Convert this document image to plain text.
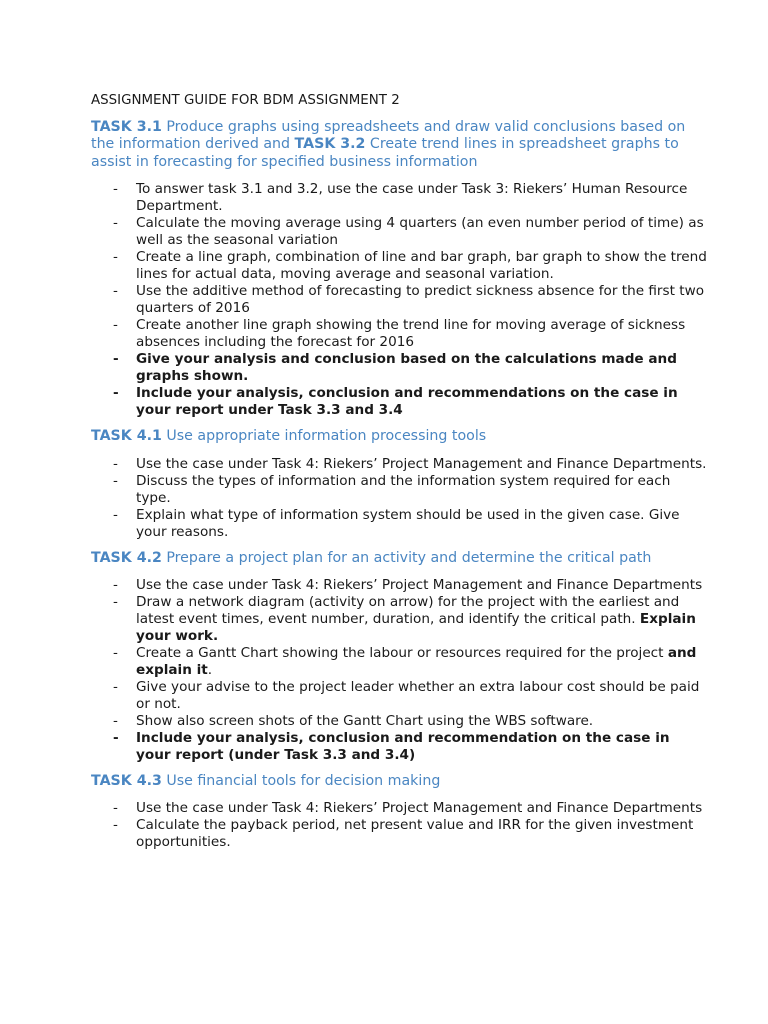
ASSIGNMENT GUIDE FOR BDM ASSIGNMENT 2
TASK 3.1 Produce graphs using spreadsheets and draw valid conclusions based on the information derived and TASK 3.2 Create trend lines in spreadsheet graphs to assist in forecasting for specified business information
- To answer task 3.1 and 3.2, use the case under Task 3: Riekers’ Human Resource Department.
- Calculate the moving average using 4 quarters (an even number period of time) as well as the seasonal variation
- Create a line graph, combination of line and bar graph, bar graph to show the trend lines for actual data, moving average and seasonal variation.
- Use the additive method of forecasting to predict sickness absence for the first two quarters of 2016
- Create another line graph showing the trend line for moving average of sickness absences including the forecast for 2016
- Give your analysis and conclusion based on the calculations made and graphs shown.
- Include your analysis, conclusion and recommendations on the case in your report under Task 3.3 and 3.4
TASK 4.1 Use appropriate information processing tools
- Use the case under Task 4: Riekers’ Project Management and Finance Departments.
- Discuss the types of information and the information system required for each type.
- Explain what type of information system should be used in the given case. Give your reasons.
TASK 4.2 Prepare a project plan for an activity and determine the critical path
- Use the case under Task 4: Riekers’ Project Management and Finance Departments
- Draw a network diagram (activity on arrow) for the project with the earliest and latest event times, event number, duration, and identify the critical path. Explain your work.
- Create a Gantt Chart showing the labour or resources required for the project and explain it.
- Give your advise to the project leader whether an extra labour cost should be paid or not.
- Show also screen shots of the Gantt Chart using the WBS software.
- Include your analysis, conclusion and recommendation on the case in your report (under Task 3.3 and 3.4)
TASK 4.3 Use financial tools for decision making
- Use the case under Task 4: Riekers’ Project Management and Finance Departments
- Calculate the payback period, net present value and IRR for the given investment opportunities.
